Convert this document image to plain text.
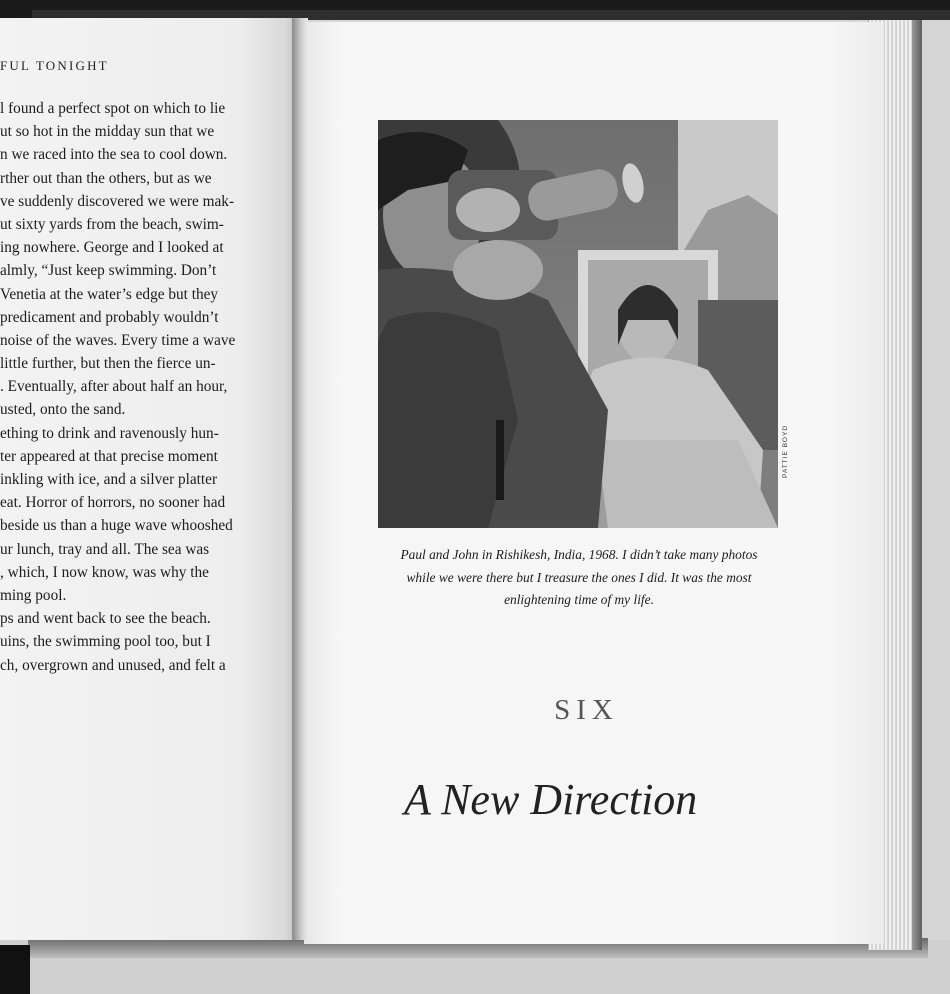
FUL TONIGHT
l found a perfect spot on which to lie
ut so hot in the midday sun that we
n we raced into the sea to cool down.
rther out than the others, but as we
ve suddenly discovered we were mak-
ut sixty yards from the beach, swim-
ing nowhere. George and I looked at
almly, “Just keep swimming. Don’t
Venetia at the water’s edge but they
predicament and probably wouldn’t
noise of the waves. Every time a wave
little further, but then the fierce un-
. Eventually, after about half an hour,
usted, onto the sand.
ething to drink and ravenously hun-
ter appeared at that precise moment
inkling with ice, and a silver platter
eat. Horror of horrors, no sooner had
beside us than a huge wave whooshed
ur lunch, tray and all. The sea was
, which, I now know, was why the
ming pool.
ps and went back to see the beach.
uins, the swimming pool too, but I
ch, overgrown and unused, and felt a
PATTIE BOYD
Paul and John in Rishikesh, India, 1968. I didn’t take many photos
while we were there but I treasure the ones I did. It was the most
enlightening time of my life.
SIX
A New Direction
